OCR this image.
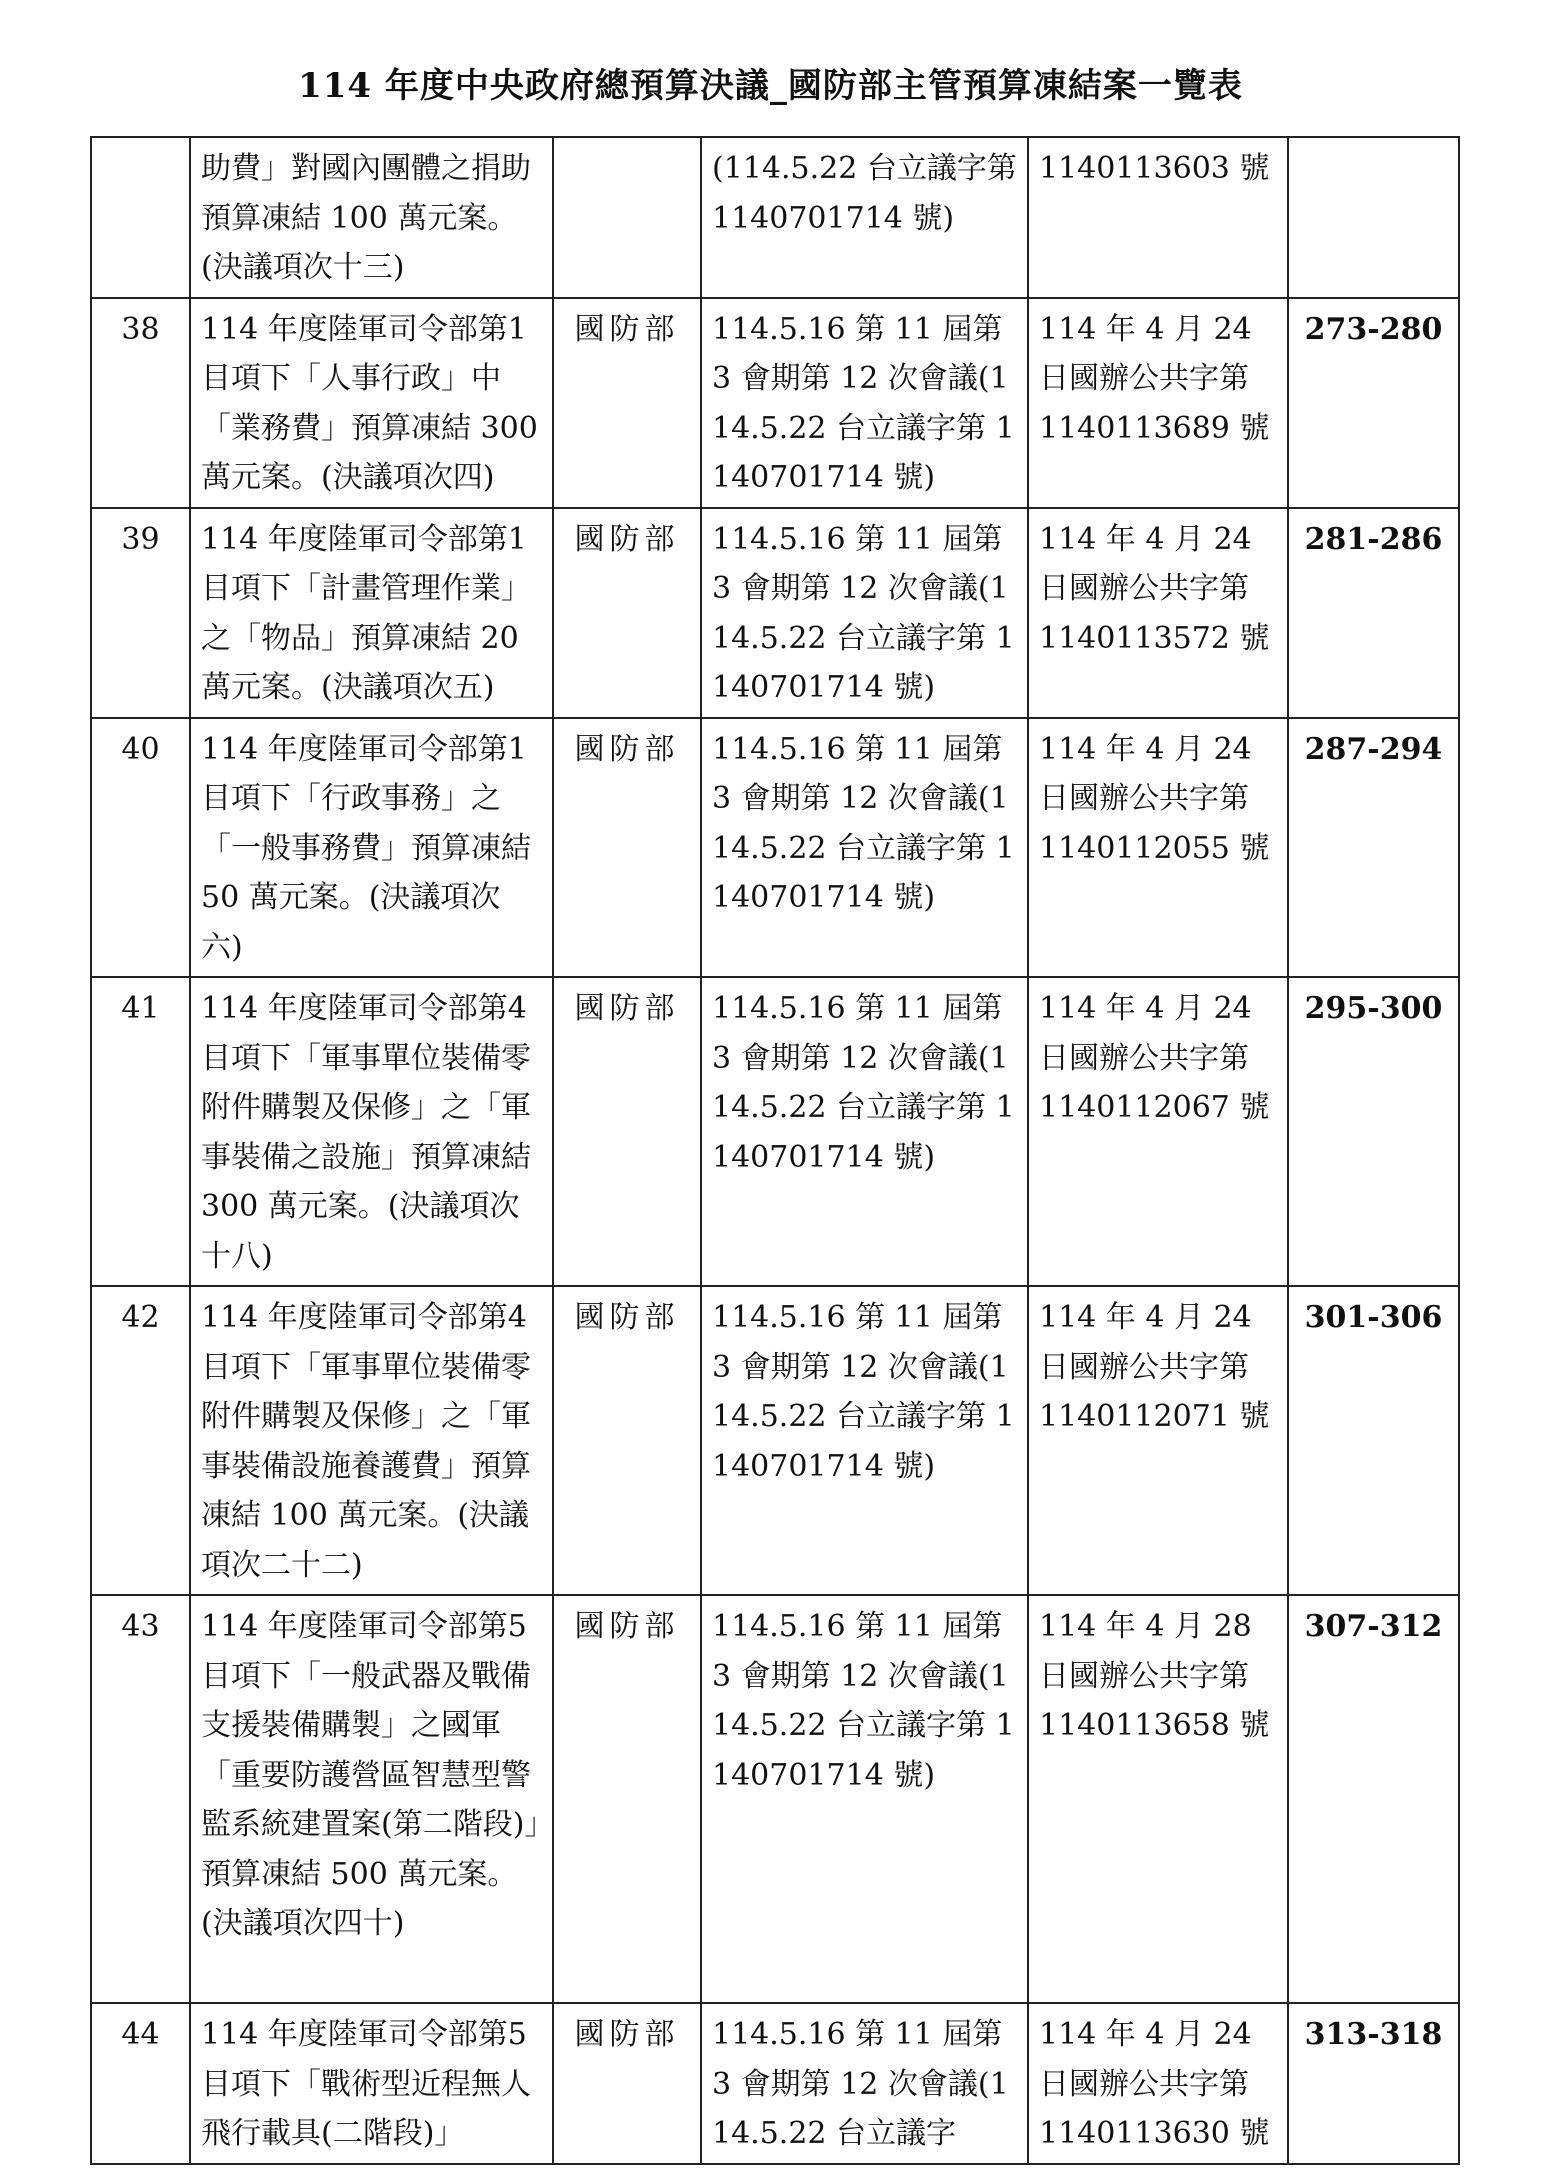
114 年度中央政府總預算決議_國防部主管預算凍結案一覽表
	助費」對國內團體之捐助預算凍結 100 萬元案。(決議項次十三)		(114.5.22 台立議字第 1140701714 號)	1140113603 號	
38	114 年度陸軍司令部第1目項下「人事行政」中「業務費」預算凍結 300 萬元案。(決議項次四)	國防部	114.5.16 第 11 屆第 3 會期第 12 次會議(114.5.22 台立議字第 1140701714 號)	114 年 4 月 24 日國辦公共字第 1140113689 號	273-280
39	114 年度陸軍司令部第1目項下「計畫管理作業」之「物品」預算凍結 20 萬元案。(決議項次五)	國防部	114.5.16 第 11 屆第 3 會期第 12 次會議(114.5.22 台立議字第 1140701714 號)	114 年 4 月 24 日國辦公共字第 1140113572 號	281-286
40	114 年度陸軍司令部第1目項下「行政事務」之「一般事務費」預算凍結 50 萬元案。(決議項次六)	國防部	114.5.16 第 11 屆第 3 會期第 12 次會議(114.5.22 台立議字第 1140701714 號)	114 年 4 月 24 日國辦公共字第 1140112055 號	287-294
41	114 年度陸軍司令部第4目項下「軍事單位裝備零附件購製及保修」之「軍事裝備之設施」預算凍結 300 萬元案。(決議項次十八)	國防部	114.5.16 第 11 屆第 3 會期第 12 次會議(114.5.22 台立議字第 1140701714 號)	114 年 4 月 24 日國辦公共字第 1140112067 號	295-300
42	114 年度陸軍司令部第4目項下「軍事單位裝備零附件購製及保修」之「軍事裝備設施養護費」預算凍結 100 萬元案。(決議項次二十二)	國防部	114.5.16 第 11 屆第 3 會期第 12 次會議(114.5.22 台立議字第 1140701714 號)	114 年 4 月 24 日國辦公共字第 1140112071 號	301-306
43	114 年度陸軍司令部第5目項下「一般武器及戰備支援裝備購製」之國軍「重要防護營區智慧型警監系統建置案(第二階段)」預算凍結 500 萬元案。(決議項次四十)	國防部	114.5.16 第 11 屆第 3 會期第 12 次會議(114.5.22 台立議字第 1140701714 號)	114 年 4 月 28 日國辦公共字第 1140113658 號	307-312
44	114 年度陸軍司令部第5目項下「戰術型近程無人飛行載具(二階段)」	國防部	114.5.16 第 11 屆第 3 會期第 12 次會議(114.5.22 台立議字	114 年 4 月 24 日國辦公共字第 1140113630 號	313-318
